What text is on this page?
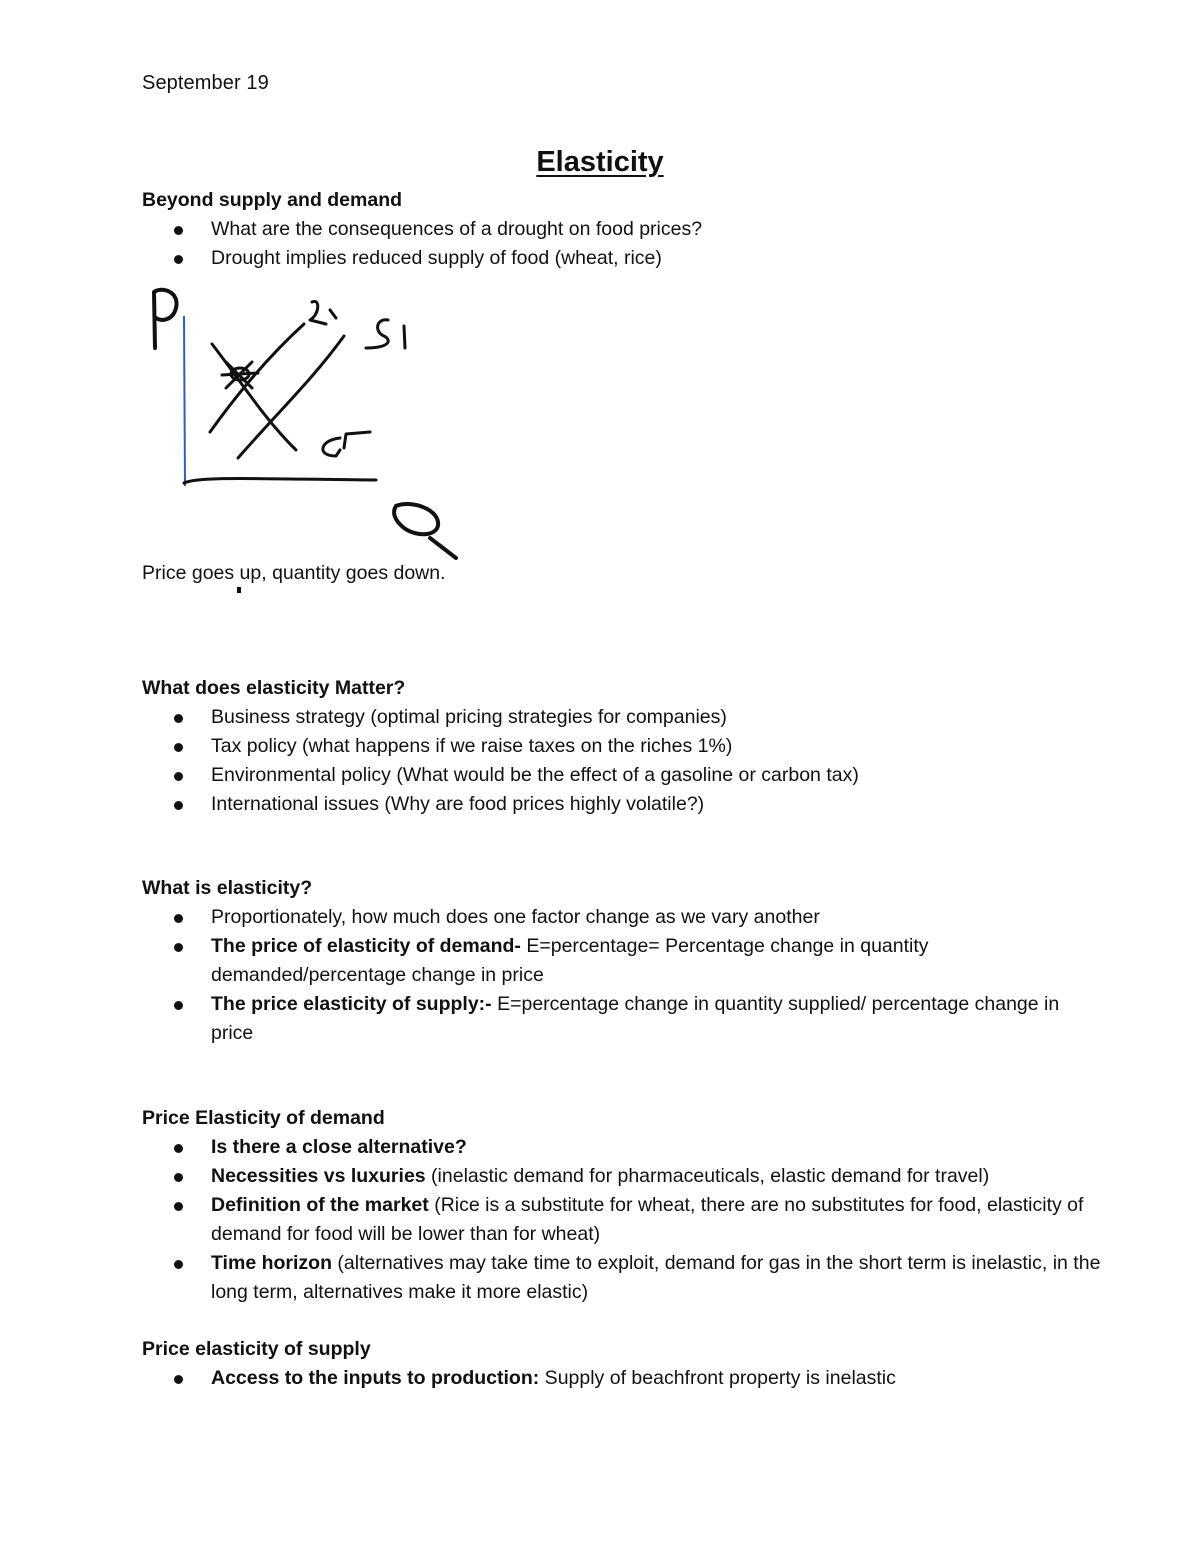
September 19
Elasticity

Beyond supply and demand

What are the consequences of a drought on food prices?
Drought implies reduced supply of food (wheat, rice)
Price goes up, quantity goes down.

What does elasticity Matter?

Business strategy (optimal pricing strategies for companies)
Tax policy (what happens if we raise taxes on the riches 1%)
Environmental policy (What would be the effect of a gasoline or carbon tax)
International issues (Why are food prices highly volatile?)

What is elasticity?

Proportionately, how much does one factor change as we vary another
The price of elasticity of demand- E=percentage= Percentage change in quantity demanded/percentage change in price
The price elasticity of supply:- E=percentage change in quantity supplied/ percentage change in price

Price Elasticity of demand

Is there a close alternative?
Necessities vs luxuries (inelastic demand for pharmaceuticals, elastic demand for travel)
Definition of the market (Rice is a substitute for wheat, there are no substitutes for food, elasticity of demand for food will be lower than for wheat)
Time horizon (alternatives may take time to exploit, demand for gas in the short term is inelastic, in the long term, alternatives make it more elastic)

Price elasticity of supply

Access to the inputs to production: Supply of beachfront property is inelastic
